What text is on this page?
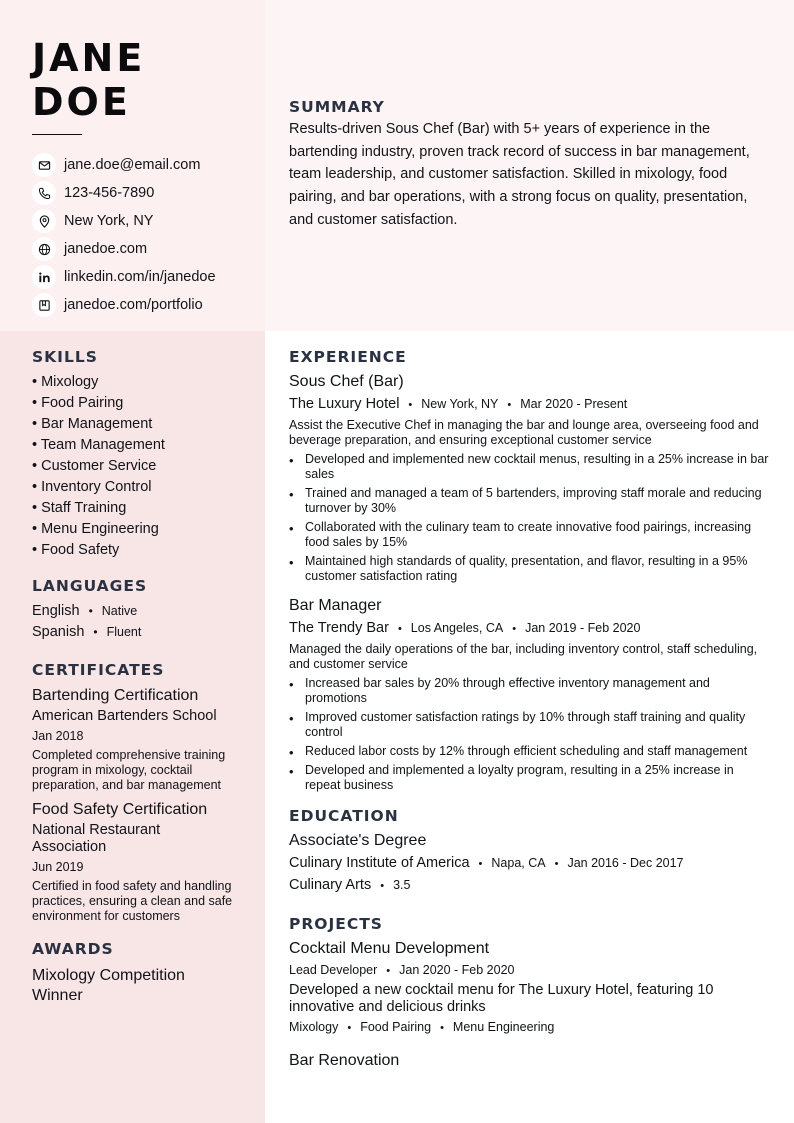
JANE
DOE
jane.doe@email.com
123-456-7890
New York, NY
janedoe.com
linkedin.com/in/janedoe
janedoe.com/portfolio
SUMMARY
Results-driven Sous Chef (Bar) with 5+ years of experience in the bartending industry, proven track record of success in bar management, team leadership, and customer satisfaction. Skilled in mixology, food pairing, and bar operations, with a strong focus on quality, presentation, and customer satisfaction.
SKILLS
• Mixology
• Food Pairing
• Bar Management
• Team Management
• Customer Service
• Inventory Control
• Staff Training
• Menu Engineering
• Food Safety
LANGUAGES
English • Native
Spanish • Fluent
CERTIFICATES
Bartending Certification
American Bartenders School
Jan 2018
Completed comprehensive training program in mixology, cocktail preparation, and bar management
Food Safety Certification
National Restaurant Association
Jun 2019
Certified in food safety and handling practices, ensuring a clean and safe environment for customers
AWARDS
Mixology Competition Winner
EXPERIENCE
Sous Chef (Bar)
The Luxury Hotel • New York, NY • Mar 2020 - Present
Assist the Executive Chef in managing the bar and lounge area, overseeing food and beverage preparation, and ensuring exceptional customer service
• Developed and implemented new cocktail menus, resulting in a 25% increase in bar sales
• Trained and managed a team of 5 bartenders, improving staff morale and reducing turnover by 30%
• Collaborated with the culinary team to create innovative food pairings, increasing food sales by 15%
• Maintained high standards of quality, presentation, and flavor, resulting in a 95% customer satisfaction rating
Bar Manager
The Trendy Bar • Los Angeles, CA • Jan 2019 - Feb 2020
Managed the daily operations of the bar, including inventory control, staff scheduling, and customer service
• Increased bar sales by 20% through effective inventory management and promotions
• Improved customer satisfaction ratings by 10% through staff training and quality control
• Reduced labor costs by 12% through efficient scheduling and staff management
• Developed and implemented a loyalty program, resulting in a 25% increase in repeat business
EDUCATION
Associate's Degree
Culinary Institute of America • Napa, CA • Jan 2016 - Dec 2017
Culinary Arts • 3.5
PROJECTS
Cocktail Menu Development
Lead Developer • Jan 2020 - Feb 2020
Developed a new cocktail menu for The Luxury Hotel, featuring 10 innovative and delicious drinks
Mixology • Food Pairing • Menu Engineering
Bar Renovation
